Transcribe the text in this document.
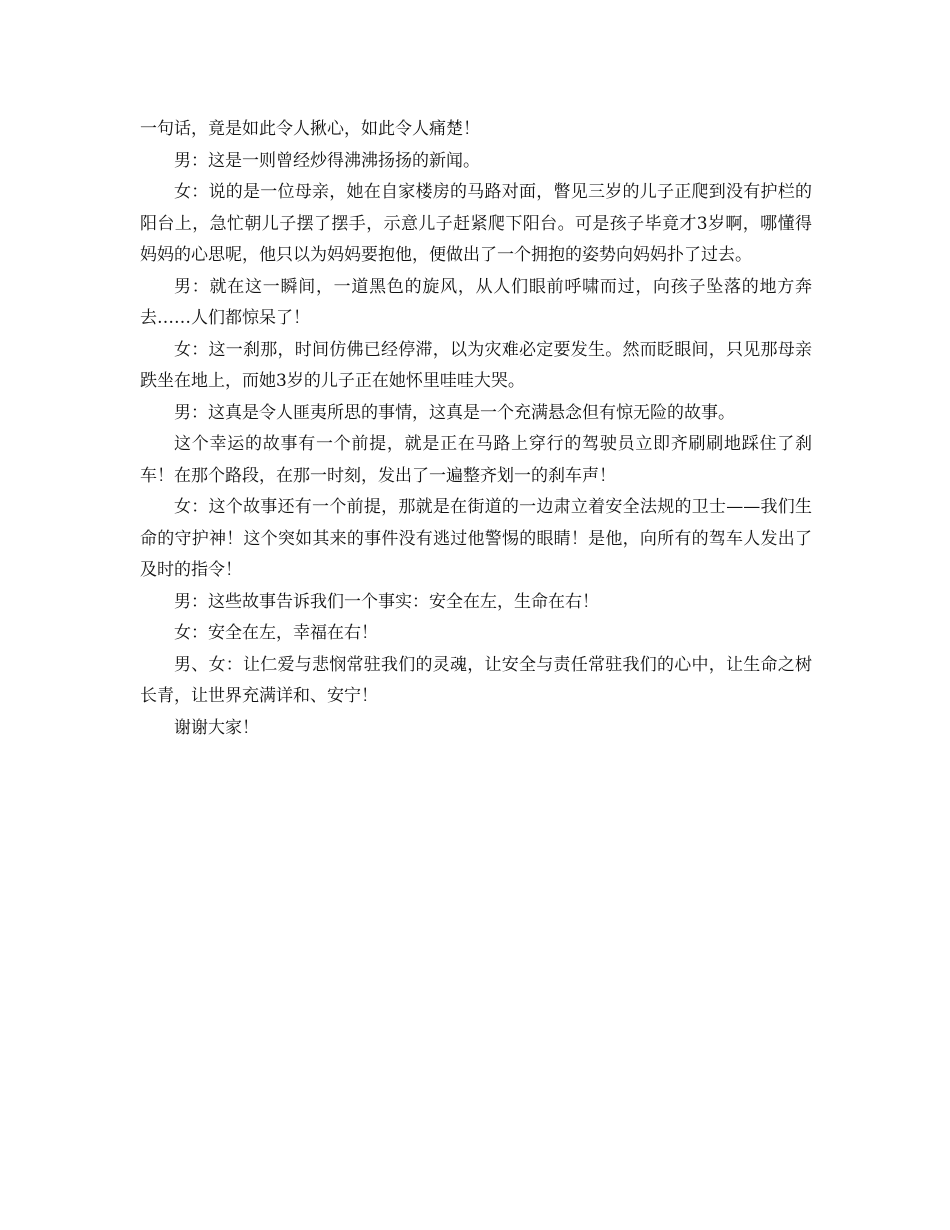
一句话，竟是如此令人揪心，如此令人痛楚！

男：这是一则曾经炒得沸沸扬扬的新闻。

女：说的是一位母亲，她在自家楼房的马路对面，瞥见三岁的儿子正爬到没有护栏的阳台上，急忙朝儿子摆了摆手，示意儿子赶紧爬下阳台。可是孩子毕竟才3岁啊，哪懂得妈妈的心思呢，他只以为妈妈要抱他，便做出了一个拥抱的姿势向妈妈扑了过去。

男：就在这一瞬间，一道黑色的旋风，从人们眼前呼啸而过，向孩子坠落的地方奔去……人们都惊呆了！

女：这一刹那，时间仿佛已经停滞，以为灾难必定要发生。然而眨眼间，只见那母亲跌坐在地上，而她3岁的儿子正在她怀里哇哇大哭。

男：这真是令人匪夷所思的事情，这真是一个充满悬念但有惊无险的故事。

这个幸运的故事有一个前提，就是正在马路上穿行的驾驶员立即齐刷刷地踩住了刹车！在那个路段，在那一时刻，发出了一遍整齐划一的刹车声！

女：这个故事还有一个前提，那就是在街道的一边肃立着安全法规的卫士——我们生命的守护神！这个突如其来的事件没有逃过他警惕的眼睛！是他，向所有的驾车人发出了及时的指令！

男：这些故事告诉我们一个事实：安全在左，生命在右！

女：安全在左，幸福在右！

男、女：让仁爱与悲悯常驻我们的灵魂，让安全与责任常驻我们的心中，让生命之树长青，让世界充满详和、安宁！

谢谢大家！
